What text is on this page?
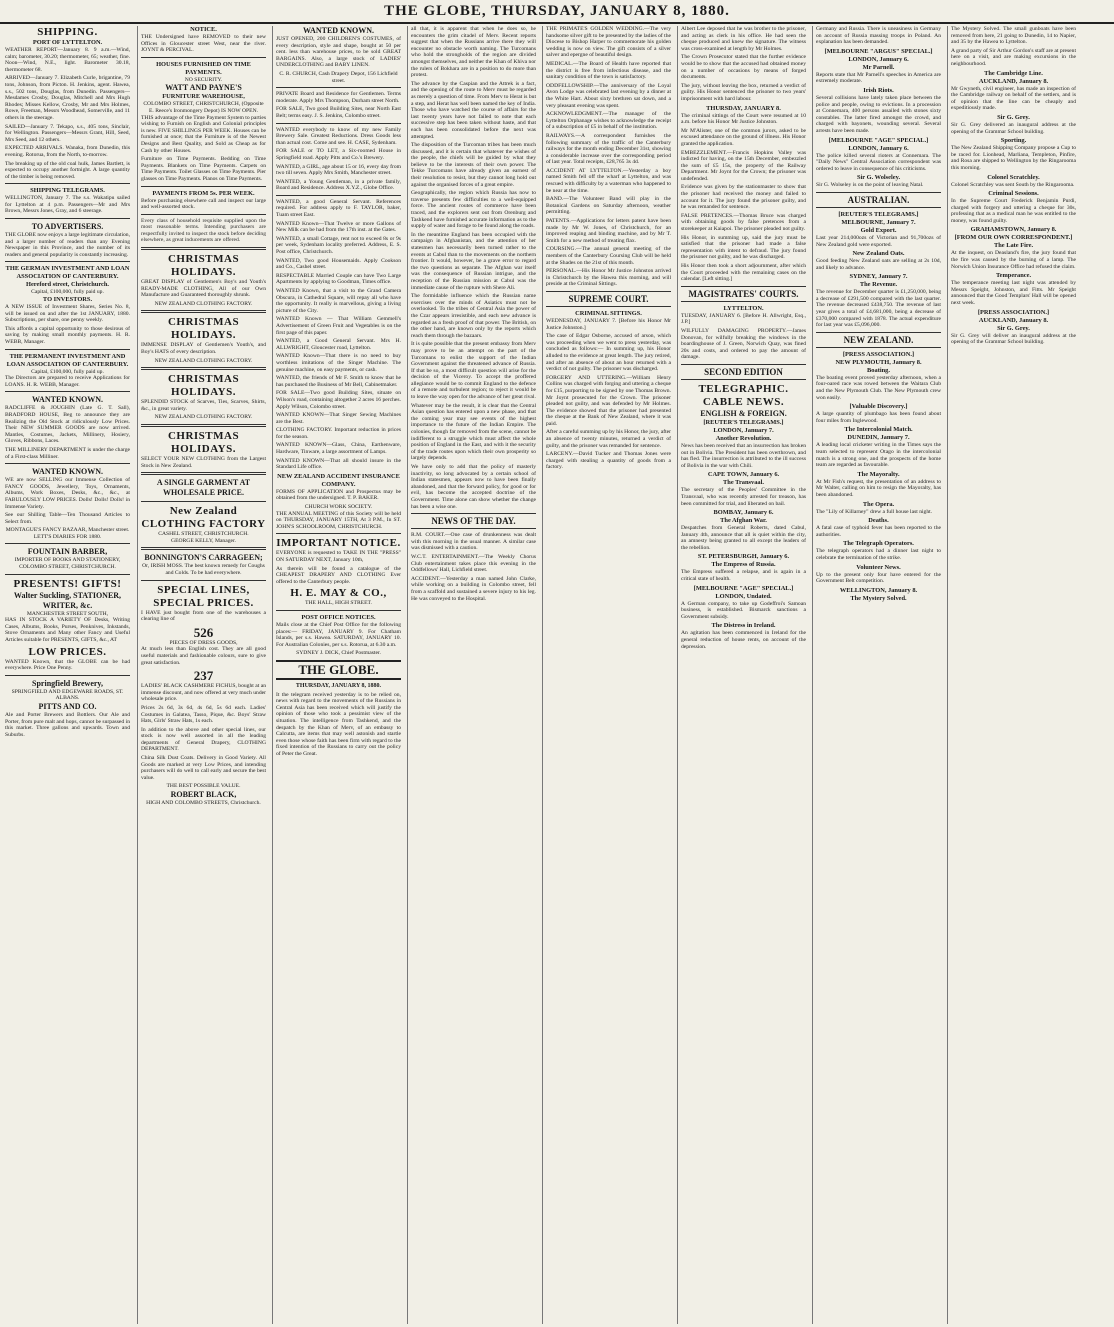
THE GLOBE, THURSDAY, JANUARY 8, 1880.
SHIPPING.
PORT OF LYTTELTON.
WEATHER REPORT—January 8. 9 a.m.—Wind, calm; barometer, 30.20; thermometer, 65; weather, fine. Noon—Wind, N.E., light. Barometer 30.18, thermometer 68.
ARRIVED—January 7. Elizabeth Curle, brigantine, 79 tons, Johnson, from Picton. H. Jenkins, agent. Hawea, s.s., 502 tons, Douglas, from Dunedin. Passengers—Mesdames Crosby, Douglas, Mitchell and Mrs Hugh Rhodes; Misses Kellow, Crosby, Mr and Mrs Holmes, Rowe, Freeman, Messrs Woodhead, Somerville, and 11 others in the steerage.
SAILED—January 7. Tekapo, s.s., 405 tons, Sinclair, for Wellington. Passengers—Messrs Grant, Hill, Seed, Mrs Seed, and 12 others.
EXPECTED ARRIVALS. Wanaka, from Dunedin, this evening. Rotorua, from the North, to-morrow.
The breaking up of the old coal hulk, James Bartlett, is expected to occupy another fortnight. A large quantity of the timber is being removed.
SHIPPING TELEGRAMS.
WELLINGTON, January 7. The s.s. Wakatipu sailed for Lyttelton at 4 p.m. Passengers—Mr and Mrs Brown, Messrs Jones, Gray, and 6 steerage.
TO ADVERTISERS.
THE GLOBE now enjoys a large legitimate circulation, and a larger number of readers than any Evening Newspaper in this Province, and the number of its readers and general popularity is constantly increasing.
THE GERMAN INVESTMENT AND LOAN ASSOCIATION OF CANTERBURY. Hereford street, Christchurch.
Capital, £100,000, fully paid up.
TO INVESTORS.
A NEW ISSUE of Investment Shares, Series No. 8, will be issued on and after the 1st JANUARY, 1880. Subscriptions, per share, one penny weekly.
This affords a capital opportunity to those desirous of saving by making small monthly payments. H. R. WEBB, Manager.
THE PERMANENT INVESTMENT AND LOAN ASSOCIATION OF CANTERBURY.
Capital, £100,000, fully paid up.
The Directors are prepared to receive Applications for LOANS. H. R. WEBB, Manager.
WANTED KNOWN.
RADCLIFFE & JOUGHIN (Late G. T. Sall), BRADFORD HOUSE, Beg to announce they are Realizing the Old Stock at ridiculously Low Prices. Their NEW SUMMER GOODS are now arrived. Mantles, Costumes, Jackets, Millinery, Hosiery, Gloves, Ribbons, Laces.
THE MILLINERY DEPARTMENT is under the charge of a First-class Milliner.
WANTED KNOWN.
WE are now SELLING our Immense Collection of FANCY GOODS, Jewellery, Toys, Ornaments, Albums, Work Boxes, Desks, &c., &c., at FABULOUSLY LOW PRICES. Dolls! Dolls! Dolls! in Immense Variety.
See our Shilling Table—Ten Thousand Articles to Select from.
MONTAGUE'S FANCY BAZAAR, Manchester street.
LETT'S DIARIES FOR 1880.
FOUNTAIN BARBER,
IMPORTER OF BOOKS AND STATIONERY, COLOMBO STREET, CHRISTCHURCH.
PRESENTS! GIFTS!
Walter Suckling, STATIONER, WRITER, &c.
MANCHESTER STREET SOUTH,
HAS IN STOCK A VARIETY OF Desks, Writing Cases, Albums, Books, Purses, Penknives, Inkstands, Stove Ornaments and Many other Fancy and Useful Articles suitable for PRESENTS, GIFTS, &c., AT
LOW PRICES.
WANTED Known, that the GLOBE can be had everywhere. Price One Penny.
Springfield Brewery,
SPRINGFIELD AND EDGEWARE ROADS, ST. ALBANS.
PITTS AND CO.
Ale and Porter Brewers and Bottlers. Our Ale and Porter, from pure malt and hops, cannot be surpassed in this market. Three gallons and upwards. Town and Suburbs.
NOTICE.
THE Undersigned have REMOVED to their new Offices in Gloucester street West, near the river. JOYNT & PERCIVAL.
HOUSES FURNISHED ON TIME PAYMENTS.
NO SECURITY.
WATT AND PAYNE'S
FURNITURE WAREHOUSE,
COLOMBO STREET, CHRISTCHURCH, (Opposite E. Reece's Ironmongery Depot) IS NOW OPEN.
THIS advantage of the Time Payment System to parties wishing to Furnish on English and Colonial principles is new. FIVE SHILLINGS PER WEEK. Houses can be furnished at once; that the Furniture is of the Newest Designs and Best Quality, and Sold as Cheap as for Cash by other Houses.
Furniture on Time Payments. Bedding on Time Payments. Blankets on Time Payments. Carpets on Time Payments. Toilet Glasses on Time Payments. Pier glasses on Time Payments. Pianos on Time Payments.
PAYMENTS FROM 5s. PER WEEK.
Before purchasing elsewhere call and inspect our large and well-assorted stock.
Every class of household requisite supplied upon the most reasonable terms. Intending purchasers are respectfully invited to inspect the stock before deciding elsewhere, as great inducements are offered.
CHRISTMAS HOLIDAYS.
GREAT DISPLAY of Gentlemen's Boy's and Youth's READY-MADE CLOTHING, All of our Own Manufacture and Guaranteed thoroughly shrunk.
NEW ZEALAND CLOTHING FACTORY.
CHRISTMAS HOLIDAYS.
IMMENSE DISPLAY of Gentlemen's Youth's, and Boy's HATS of every description.
NEW ZEALAND CLOTHING FACTORY.
CHRISTMAS HOLIDAYS.
SPLENDID STOCK of Scarves, Ties, Scarves, Shirts, &c., in great variety.
NEW ZEALAND CLOTHING FACTORY.
CHRISTMAS HOLIDAYS.
SELECT YOUR NEW CLOTHING from the Largest Stock in New Zealand.
A SINGLE GARMENT AT WHOLESALE PRICE.
New Zealand
CLOTHING FACTORY
CASHEL STREET, CHRISTCHURCH.
GEORGE KELLY, Manager.
BONNINGTON'S CARRAGEEN;
Or, IRISH MOSS. The best known remedy for Coughs and Colds. To be had everywhere.
SPECIAL LINES,
SPECIAL PRICES.
I HAVE just bought from one of the warehouses a clearing line of
526
PIECES OF DRESS GOODS,
At much less than English cost. They are all good useful materials and fashionable colours, sure to give great satisfaction.
237
LADIES' BLACK CASHMERE FICHUS, bought at an immense discount, and now offered at very much under wholesale price.
Prices 2s 6d, 3s 6d, 4s 6d, 5s 6d each. Ladies' Costumes in Galatea, Tasso, Pique, &c. Boys' Straw Hats, Girls' Straw Hats, 1s each.
In addition to the above and other special lines, our stock is now well assorted in all the leading departments of General Drapery, CLOTHING DEPARTMENT.
China Silk Dust Coats. Delivery in Good Variety. All Goods are marked at very Low Prices, and intending purchasers will do well to call early and secure the best value.
THE BEST POSSIBLE VALUE.
ROBERT BLACK,
HIGH AND COLOMBO STREETS, Christchurch.
WANTED KNOWN.
JUST OPENED, 200 CHILDREN'S COSTUMES, of every description, style and shape, bought at 50 per cent. less than warehouse prices, to be sold GREAT BARGAINS. Also, a large stock of LADIES' UNDERCLOTHING and BABY LINEN.
C. R. CHURCH, Cash Drapery Depot, 156 Lichfield street.
PRIVATE Board and Residence for Gentlemen. Terms moderate. Apply Mrs Thompson, Durham street North.
FOR SALE, Two good Building Sites, near North East Belt; terms easy. J. S. Jenkins, Colombo street.
WANTED everybody to know of my new Family Brewery Sale. Greatest Reductions. Dress Goods less than actual cost. Come and see. H. CASE, Sydenham.
FOR SALE or TO LET, a Six-roomed House in Springfield road. Apply Pitts and Co.'s Brewery.
WANTED, a GIRL, age about 15 or 16, every day from two till seven. Apply Mrs Smith, Manchester street.
WANTED, a Young Gentleman, in a private family, Board and Residence. Address X.Y.Z., Globe Office.
WANTED, a good General Servant. References required. For address apply to F. TAYLOR, baker, Tuam street East.
WANTED Known—That Twelve or more Gallons of New Milk can be had from the 17th inst. at the Gates.
WANTED, a small Cottage, rent not to exceed 8s or 9s per week, Sydenham locality preferred. Address, E. S. Post office, Christchurch.
WANTED, Two good Housemaids. Apply Cookson and Co., Cashel street.
RESPECTABLE Married Couple can have Two Large Apartments by applying to Goodman, Times office.
WANTED Known, that a visit to the Grand Camera Obscura, in Cathedral Square, will repay all who have the opportunity. It really is marvellous, giving a living picture of the City.
WANTED Known — That William Gemmell's Advertisement of Green Fruit and Vegetables is on the first page of this paper.
WANTED, a Good General Servant. Mrs H. ALLWRIGHT, Gloucester road, Lyttelton.
WANTED Known—That there is no need to buy worthless imitations of the Singer Machine. The genuine machine, on easy payments, or cash.
WANTED, the friends of Mr F. Smith to know that he has purchased the Business of Mr Bell, Cabinetmaker.
FOR SALE—Two good Building Sites, situate on Wilson's road, containing altogether 2 acres 16 perches. Apply Wilson, Colombo street.
WANTED KNOWN—That Singer Sewing Machines are the Best.
CLOTHING FACTORY. Important reduction in prices for the season.
WANTED KNOWN—Glass, China, Earthenware, Hardware, Tinware, a large assortment of Lamps.
WANTED KNOWN—That all should insure in the Standard Life office.
NEW ZEALAND ACCIDENT INSURANCE COMPANY.
FORMS OF APPLICATION and Prospectus may be obtained from the undersigned. T. P. BAKER.
CHURCH WORK SOCIETY.
THE ANNUAL MEETING of this Society will be held on THURSDAY, JANUARY 15TH, At 3 P.M., In ST. JOHN'S SCHOOLROOM, CHRISTCHURCH.
IMPORTANT NOTICE.
EVERYONE is requested to TAKE IN THE "PRESS" ON SATURDAY NEXT, January 10th,
As therein will be found a catalogue of the CHEAPEST DRAPERY AND CLOTHING Ever offered to the Canterbury people.
H. E. MAY & CO.,
THE HALL, HIGH STREET.
POST OFFICE NOTICES.
Mails close at the Chief Post Office for the following places:— FRIDAY, JANUARY 9. For Chatham Islands, per s.s. Hawea. SATURDAY, JANUARY 10. For Australian Colonies, per s.s. Rotorua, at 6.30 a.m.
SYDNEY J. DICK, Chief Postmaster.
THE GLOBE.
THURSDAY, JANUARY 8, 1880.
It the telegram received yesterday is to be relied on, news with regard to the movements of the Russians in Central Asia has been received which will justify the opinion of those who took a pessimist view of the situation. The intelligence from Tashkend, and the despatch by the Khan of Merv, of an embassy to Calcutta, are items that may well astonish and startle even those whose faith has been firm with regard to the fixed intention of the Russians to carry out the policy of Peter the Great.
all that, it is apparent that when he does so, he encounters the grim citadel of Merv. Recent reports suggest that when the Russians arrive there they will encounter no obstacle worth naming. The Turcomans who hold the strongholds of the region are divided amongst themselves, and neither the Khan of Khiva nor the rulers of Bokhara are in a position to do more than protest.
The advance by the Caspian and the Attrek is a fact, and the opening of the route to Merv must be regarded as merely a question of time. From Merv to Herat is but a step, and Herat has well been named the key of India. Those who have watched the course of affairs for the last twenty years have not failed to note that each successive step has been taken without haste, and that each has been consolidated before the next was attempted.
The disposition of the Turcoman tribes has been much discussed, and it is certain that whatever the wishes of the people, the chiefs will be guided by what they believe to be the interests of their own power. The Tekke Turcomans have already given an earnest of their resolution to resist, but they cannot long hold out against the organised forces of a great empire.
Geographically, the region which Russia has now to traverse presents few difficulties to a well-equipped force. The ancient routes of commerce have been traced, and the explorers sent out from Orenburg and Tashkend have furnished accurate information as to the supply of water and forage to be found along the roads.
In the meantime England has been occupied with the campaign in Afghanistan, and the attention of her statesmen has necessarily been turned rather to the events at Cabul than to the movements on the northern frontier. It would, however, be a grave error to regard the two questions as separate. The Afghan war itself was the consequence of Russian intrigue, and the reception of the Russian mission at Cabul was the immediate cause of the rupture with Shere Ali.
The formidable influence which the Russian name exercises over the minds of Asiatics must not be overlooked. To the tribes of Central Asia the power of the Czar appears irresistible, and each new advance is regarded as a fresh proof of that power. The British, on the other hand, are known only by the reports which reach them through the bazaars.
It is quite possible that the present embassy from Merv may prove to be an attempt on the part of the Turcomans to enlist the support of the Indian Government against the threatened advance of Russia. If that be so, a most difficult question will arise for the decision of the Viceroy. To accept the proffered allegiance would be to commit England to the defence of a remote and turbulent region; to reject it would be to leave the way open for the advance of her great rival.
Whatever may be the result, it is clear that the Central Asian question has entered upon a new phase, and that the coming year may see events of the highest importance to the future of the Indian Empire. The colonies, though far removed from the scene, cannot be indifferent to a struggle which must affect the whole position of England in the East, and with it the security of the trade routes upon which their own prosperity so largely depends.
We have only to add that the policy of masterly inactivity, so long advocated by a certain school of Indian statesmen, appears now to have been finally abandoned, and that the forward policy, for good or for evil, has become the accepted doctrine of the Government. Time alone can show whether the change has been a wise one.
NEWS OF THE DAY.
R.M. COURT.—One case of drunkenness was dealt with this morning in the usual manner. A similar case was dismissed with a caution.
W.C.T. ENTERTAINMENT.—The Weekly Chorus Club entertainment takes place this evening in the Oddfellows' Hall, Lichfield street.
ACCIDENT.—Yesterday a man named John Clarke, while working on a building in Colombo street, fell from a scaffold and sustained a severe injury to his leg. He was conveyed to the Hospital.
THE PRIMATE'S GOLDEN WEDDING.—The very handsome silver gift to be presented by the ladies of the Diocese to Bishop Harper to commemorate his golden wedding is now on view. The gift consists of a silver salver and epergne of beautiful design.
MEDICAL.—The Board of Health have reported that the district is free from infectious disease, and the sanitary condition of the town is satisfactory.
ODDFELLOWSHIP.—The anniversary of the Loyal Avon Lodge was celebrated last evening by a dinner at the White Hart. About sixty brethren sat down, and a very pleasant evening was spent.
ACKNOWLEDGMENT.—The manager of the Lyttelton Orphanage wishes to acknowledge the receipt of a subscription of £5 in behalf of the institution.
RAILWAYS.—A correspondent furnishes the following summary of the traffic of the Canterbury railways for the month ending December 31st, showing a considerable increase over the corresponding period of last year. Total receipts, £28,765 3s 4d.
ACCIDENT AT LYTTELTON.—Yesterday a boy named Smith fell off the wharf at Lyttelton, and was rescued with difficulty by a waterman who happened to be near at the time.
BAND.—The Volunteer Band will play in the Botanical Gardens on Saturday afternoon, weather permitting.
PATENTS.—Applications for letters patent have been made by Mr W. Jones, of Christchurch, for an improved reaping and binding machine, and by Mr T. Smith for a new method of treating flax.
COURSING.—The annual general meeting of the members of the Canterbury Coursing Club will be held at the Shades on the 21st of this month.
PERSONAL.—His Honor Mr Justice Johnston arrived in Christchurch by the Hawea this morning, and will preside at the Criminal Sittings.
SUPREME COURT.
CRIMINAL SITTINGS.
WEDNESDAY, JANUARY 7. [Before his Honor Mr Justice Johnston.]
The case of Edgar Osborne, accused of arson, which was proceeding when we went to press yesterday, was concluded as follows:— In summing up, his Honor alluded to the evidence at great length. The jury retired, and after an absence of about an hour returned with a verdict of not guilty. The prisoner was discharged.
FORGERY AND UTTERING.—William Henry Collins was charged with forging and uttering a cheque for £15, purporting to be signed by one Thomas Brown. Mr Joynt prosecuted for the Crown. The prisoner pleaded not guilty, and was defended by Mr Holmes. The evidence showed that the prisoner had presented the cheque at the Bank of New Zealand, where it was paid.
After a careful summing up by his Honor, the jury, after an absence of twenty minutes, returned a verdict of guilty, and the prisoner was remanded for sentence.
LARCENY.—David Tucker and Thomas Jones were charged with stealing a quantity of goods from a factory.
Albert Lee deposed that he was brother to the prisoner, and acting as clerk in his office. He had seen the cheque produced and knew the signature. The witness was cross-examined at length by Mr Holmes.
The Crown Prosecutor stated that the further evidence would be to show that the accused had obtained money on a number of occasions by means of forged documents.
The jury, without leaving the box, returned a verdict of guilty. His Honor sentenced the prisoner to two years' imprisonment with hard labour.
THURSDAY, JANUARY 8.
The criminal sittings of the Court were resumed at 10 a.m. before his Honor Mr Justice Johnston.
Mr M'Alister, one of the common jurors, asked to be excused attendance on the ground of illness. His Honor granted the application.
EMBEZZLEMENT.—Francis Hopkins Valley was indicted for having, on the 15th December, embezzled the sum of £5 15s, the property of the Railway Department. Mr Joynt for the Crown; the prisoner was undefended.
Evidence was given by the stationmaster to show that the prisoner had received the money and failed to account for it. The jury found the prisoner guilty, and he was remanded for sentence.
FALSE PRETENCES.—Thomas Bruce was charged with obtaining goods by false pretences from a storekeeper at Kaiapoi. The prisoner pleaded not guilty.
His Honor, in summing up, said the jury must be satisfied that the prisoner had made a false representation with intent to defraud. The jury found the prisoner not guilty, and he was discharged.
His Honor then took a short adjournment, after which the Court proceeded with the remaining cases on the calendar. [Left sitting.]
MAGISTRATES' COURTS.
LYTTELTON.
TUESDAY, JANUARY 6. [Before H. Allwright, Esq., J.P.]
WILFULLY DAMAGING PROPERTY.—James Donovan, for wilfully breaking the windows in the boardinghouse of J. Green, Norwich Quay, was fined 20s and costs, and ordered to pay the amount of damage.
SECOND EDITION
TELEGRAPHIC.
CABLE NEWS.
ENGLISH & FOREIGN.
[REUTER'S TELEGRAMS.]
LONDON, January 7.
Another Revolution.
News has been received that an insurrection has broken out in Bolivia. The President has been overthrown, and has fled. The insurrection is attributed to the ill success of Bolivia in the war with Chili.
CAPE TOWN, January 6.
The Transvaal.
The secretary of the Peoples' Committee in the Transvaal, who was recently arrested for treason, has been committed for trial, and liberated on bail.
BOMBAY, January 6.
The Afghan War.
Despatches from General Roberts, dated Cabul, January 4th, announce that all is quiet within the city, an amnesty being granted to all except the leaders of the rebellion.
ST. PETERSBURGH, January 6.
The Empress of Russia.
The Empress suffered a relapse, and is again in a critical state of health.
[MELBOURNE "AGE" SPECIAL.]
LONDON, Undated.
A German company, to take up Godeffroi's Samoan business, is established. Bismarck sanctions a Government subsidy.
The Distress in Ireland.
An agitation has been commenced in Ireland for the general reduction of house rents, on account of the depression.
Germany and Russia. There is uneasiness in Germany on account of Russia massing troops in Poland. An explanation has been demanded.
[MELBOURNE "ARGUS" SPECIAL.]
LONDON, January 6.
Mr Parnell.
Reports state that Mr Parnell's speeches in America are extremely moderate.
Irish Riots.
Several collisions have lately taken place between the police and people, owing to evictions. In a procession at Connemara, 400 persons assailed with stones sixty constables. The latter fired amongst the crowd, and charged with bayonets, wounding several. Several arrests have been made.
[MELBOURNE "AGE" SPECIAL.]
LONDON, January 6.
The police killed several rioters at Connemara. The "Daily News" Central Association correspondent was ordered to leave in consequence of his criticisms.
Sir G. Wolseley.
Sir G. Wolseley is on the point of leaving Natal.
AUSTRALIAN.
[REUTER'S TELEGRAMS.]
MELBOURNE, January 7.
Gold Export.
Last year 214,000ozs of Victorian and 91,700ozs of New Zealand gold were exported.
New Zealand Oats.
Good feeding New Zealand oats are selling at 2s 10d, and likely to advance.
SYDNEY, January 7.
The Revenue.
The revenue for December quarter is £1,250,000, being a decrease of £291,500 compared with the last quarter. The revenue decreased £438,750. The revenue of last year gives a total of £4,681,000, being a decrease of £370,000 compared with 1878. The actual expenditure for last year was £5,096,000.
NEW ZEALAND.
[PRESS ASSOCIATION.]
NEW PLYMOUTH, January 8.
Boating.
The boating event proved yesterday afternoon, when a four-oared race was rowed between the Waitara Club and the New Plymouth Club. The New Plymouth crew won easily.
[Valuable Discovery.]
A large quantity of plumbago has been found about four miles from Inglewood.
The Intercolonial Match.
DUNEDIN, January 7.
A leading local cricketer writing in the Times says the team selected to represent Otago in the intercolonial match is a strong one, and the prospects of the home team are regarded as favourable.
The Mayoralty.
At Mr Fish's request, the presentation of an address to Mr Walter, calling on him to resign the Mayoralty, has been abandoned.
The Opera.
The "Lily of Killarney" drew a full house last night.
Deaths.
A fatal case of typhoid fever has been reported to the authorities.
The Telegraph Operators.
The telegraph operators had a dinner last night to celebrate the termination of the strike.
Volunteer News.
Up to the present only four have entered for the Government Belt competition.
WELLINGTON, January 8.
The Mystery Solved.
The Mystery Solved. The small gunboats have been removed from here, 21 going to Dunedin, 14 to Napier, and 35 by the Hawea to Lyttelton.
A grand party of Sir Arthur Gordon's staff are at present here on a visit, and are making excursions in the neighbourhood.
The Cambridge Line.
AUCKLAND, January 8.
Mr Gwyneth, civil engineer, has made an inspection of the Cambridge railway on behalf of the settlers, and is of opinion that the line can be cheaply and expeditiously made.
Sir G. Grey.
Sir G. Grey delivered an inaugural address at the opening of the Grammar School building.
Sporting.
The New Zealand Shipping Company propose a Cup to be raced for. Lionhead, Marliana, Templeton, Pinfire, and Rosa are shipped to Wellington by the Ringarooma this morning.
Colonel Scratchley.
Colonel Scratchley was sent South by the Ringarooma.
Criminal Sessions.
In the Supreme Court Frederick Benjamin Purdi, charged with forgery and uttering a cheque for 30s, professing that as a medical man he was entitled to the money, was found guilty.
GRAHAMSTOWN, January 8.
[FROM OUR OWN CORRESPONDENT.]
The Late Fire.
At the inquest, on Deasland's fire, the jury found that the fire was caused by the burning of a lamp. The Norwich Union Insurance Office had refused the claim.
Temperance.
The temperance meeting last night was attended by Messrs Speight, Johnston, and Fitts. Mr Speight announced that the Good Templars' Hall will be opened next week.
[PRESS ASSOCIATION.]
AUCKLAND, January 8.
Sir G. Grey.
Sir G. Grey will deliver an inaugural address at the opening of the Grammar School building.
